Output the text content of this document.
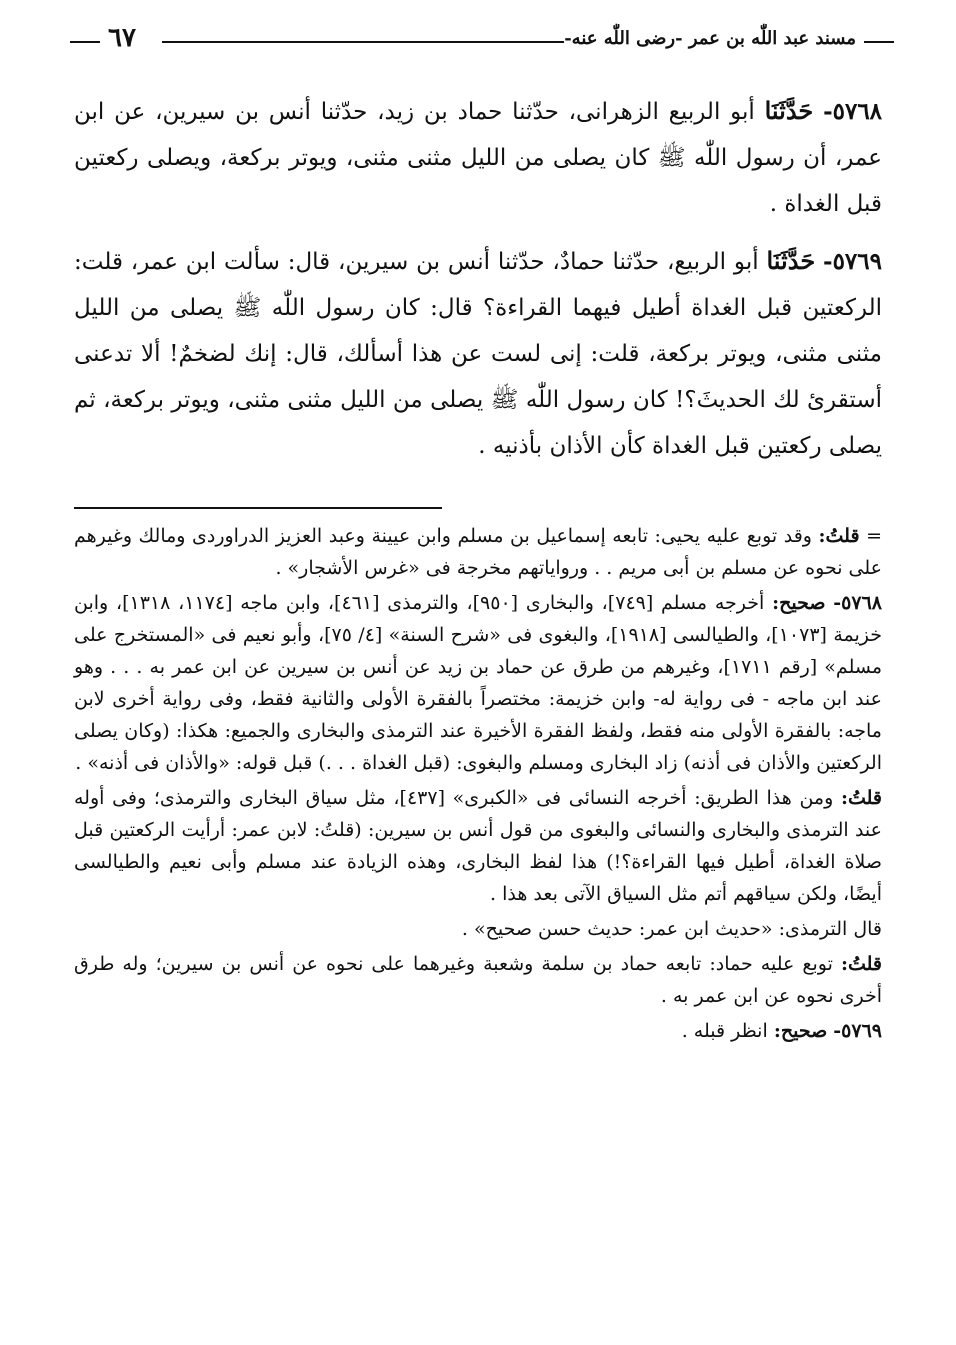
مسند عبد اللّٰه بن عمر -رضى اللّٰه عنه-
٦٧

٥٧٦٨- حَدَّثَنَا أبو الربيع الزهرانى، حدّثنا حماد بن زيد، حدّثنا أنس بن سيرين، عن ابن عمر، أن رسول اللّٰه ﷺ كان يصلى من الليل مثنى مثنى، ويوتر بركعة، ويصلى ركعتين قبل الغداة .

٥٧٦٩- حَدَّثَنَا أبو الربيع، حدّثنا حمادٌ، حدّثنا أنس بن سيرين، قال: سألت ابن عمر، قلت: الركعتين قبل الغداة أطيل فيهما القراءة؟ قال: كان رسول اللّٰه ﷺ يصلى من الليل مثنى مثنى، ويوتر بركعة، قلت: إنى لست عن هذا أسألك، قال: إنك لضخمٌ! ألا تدعنى أستقرئ لك الحديثَ؟! كان رسول اللّٰه ﷺ يصلى من الليل مثنى مثنى، ويوتر بركعة، ثم يصلى ركعتين قبل الغداة كأن الأذان بأذنيه .

= قلتُ: وقد توبع عليه يحيى: تابعه إسماعيل بن مسلم وابن عيينة وعبد العزيز الدراوردى ومالك وغيرهم على نحوه عن مسلم بن أبى مريم . . ورواياتهم مخرجة فى «غرس الأشجار» .

٥٧٦٨- صحيح: أخرجه مسلم [٧٤٩]، والبخارى [٩٥٠]، والترمذى [٤٦١]، وابن ماجه [١١٧٤، ١٣١٨]، وابن خزيمة [١٠٧٣]، والطيالسى [١٩١٨]، والبغوى فى «شرح السنة» [٤/ ٧٥]، وأبو نعيم فى «المستخرج على مسلم» [رقم ١٧١١]، وغيرهم من طرق عن حماد بن زيد عن أنس بن سيرين عن ابن عمر به . . . وهو عند ابن ماجه - فى رواية له- وابن خزيمة: مختصراً بالفقرة الأولى والثانية فقط، وفى رواية أخرى لابن ماجه: بالفقرة الأولى منه فقط، ولفظ الفقرة الأخيرة عند الترمذى والبخارى والجميع: هكذا: (وكان يصلى الركعتين والأذان فى أذنه) زاد البخارى ومسلم والبغوى: (قبل الغداة . . .) قبل قوله: «والأذان فى أذنه» .

قلتُ: ومن هذا الطريق: أخرجه النسائى فى «الكبرى» [٤٣٧]، مثل سياق البخارى والترمذى؛ وفى أوله عند الترمذى والبخارى والنسائى والبغوى من قول أنس بن سيرين: (قلتُ: لابن عمر: أرأيت الركعتين قبل صلاة الغداة، أطيل فيها القراءة؟!) هذا لفظ البخارى، وهذه الزيادة عند مسلم وأبى نعيم والطيالسى أيضًا، ولكن سياقهم أتم مثل السياق الآتى بعد هذا .

قال الترمذى: «حديث ابن عمر: حديث حسن صحيح» .

قلتُ: توبع عليه حماد: تابعه حماد بن سلمة وشعبة وغيرهما على نحوه عن أنس بن سيرين؛ وله طرق أخرى نحوه عن ابن عمر به .

٥٧٦٩- صحيح: انظر قبله .
